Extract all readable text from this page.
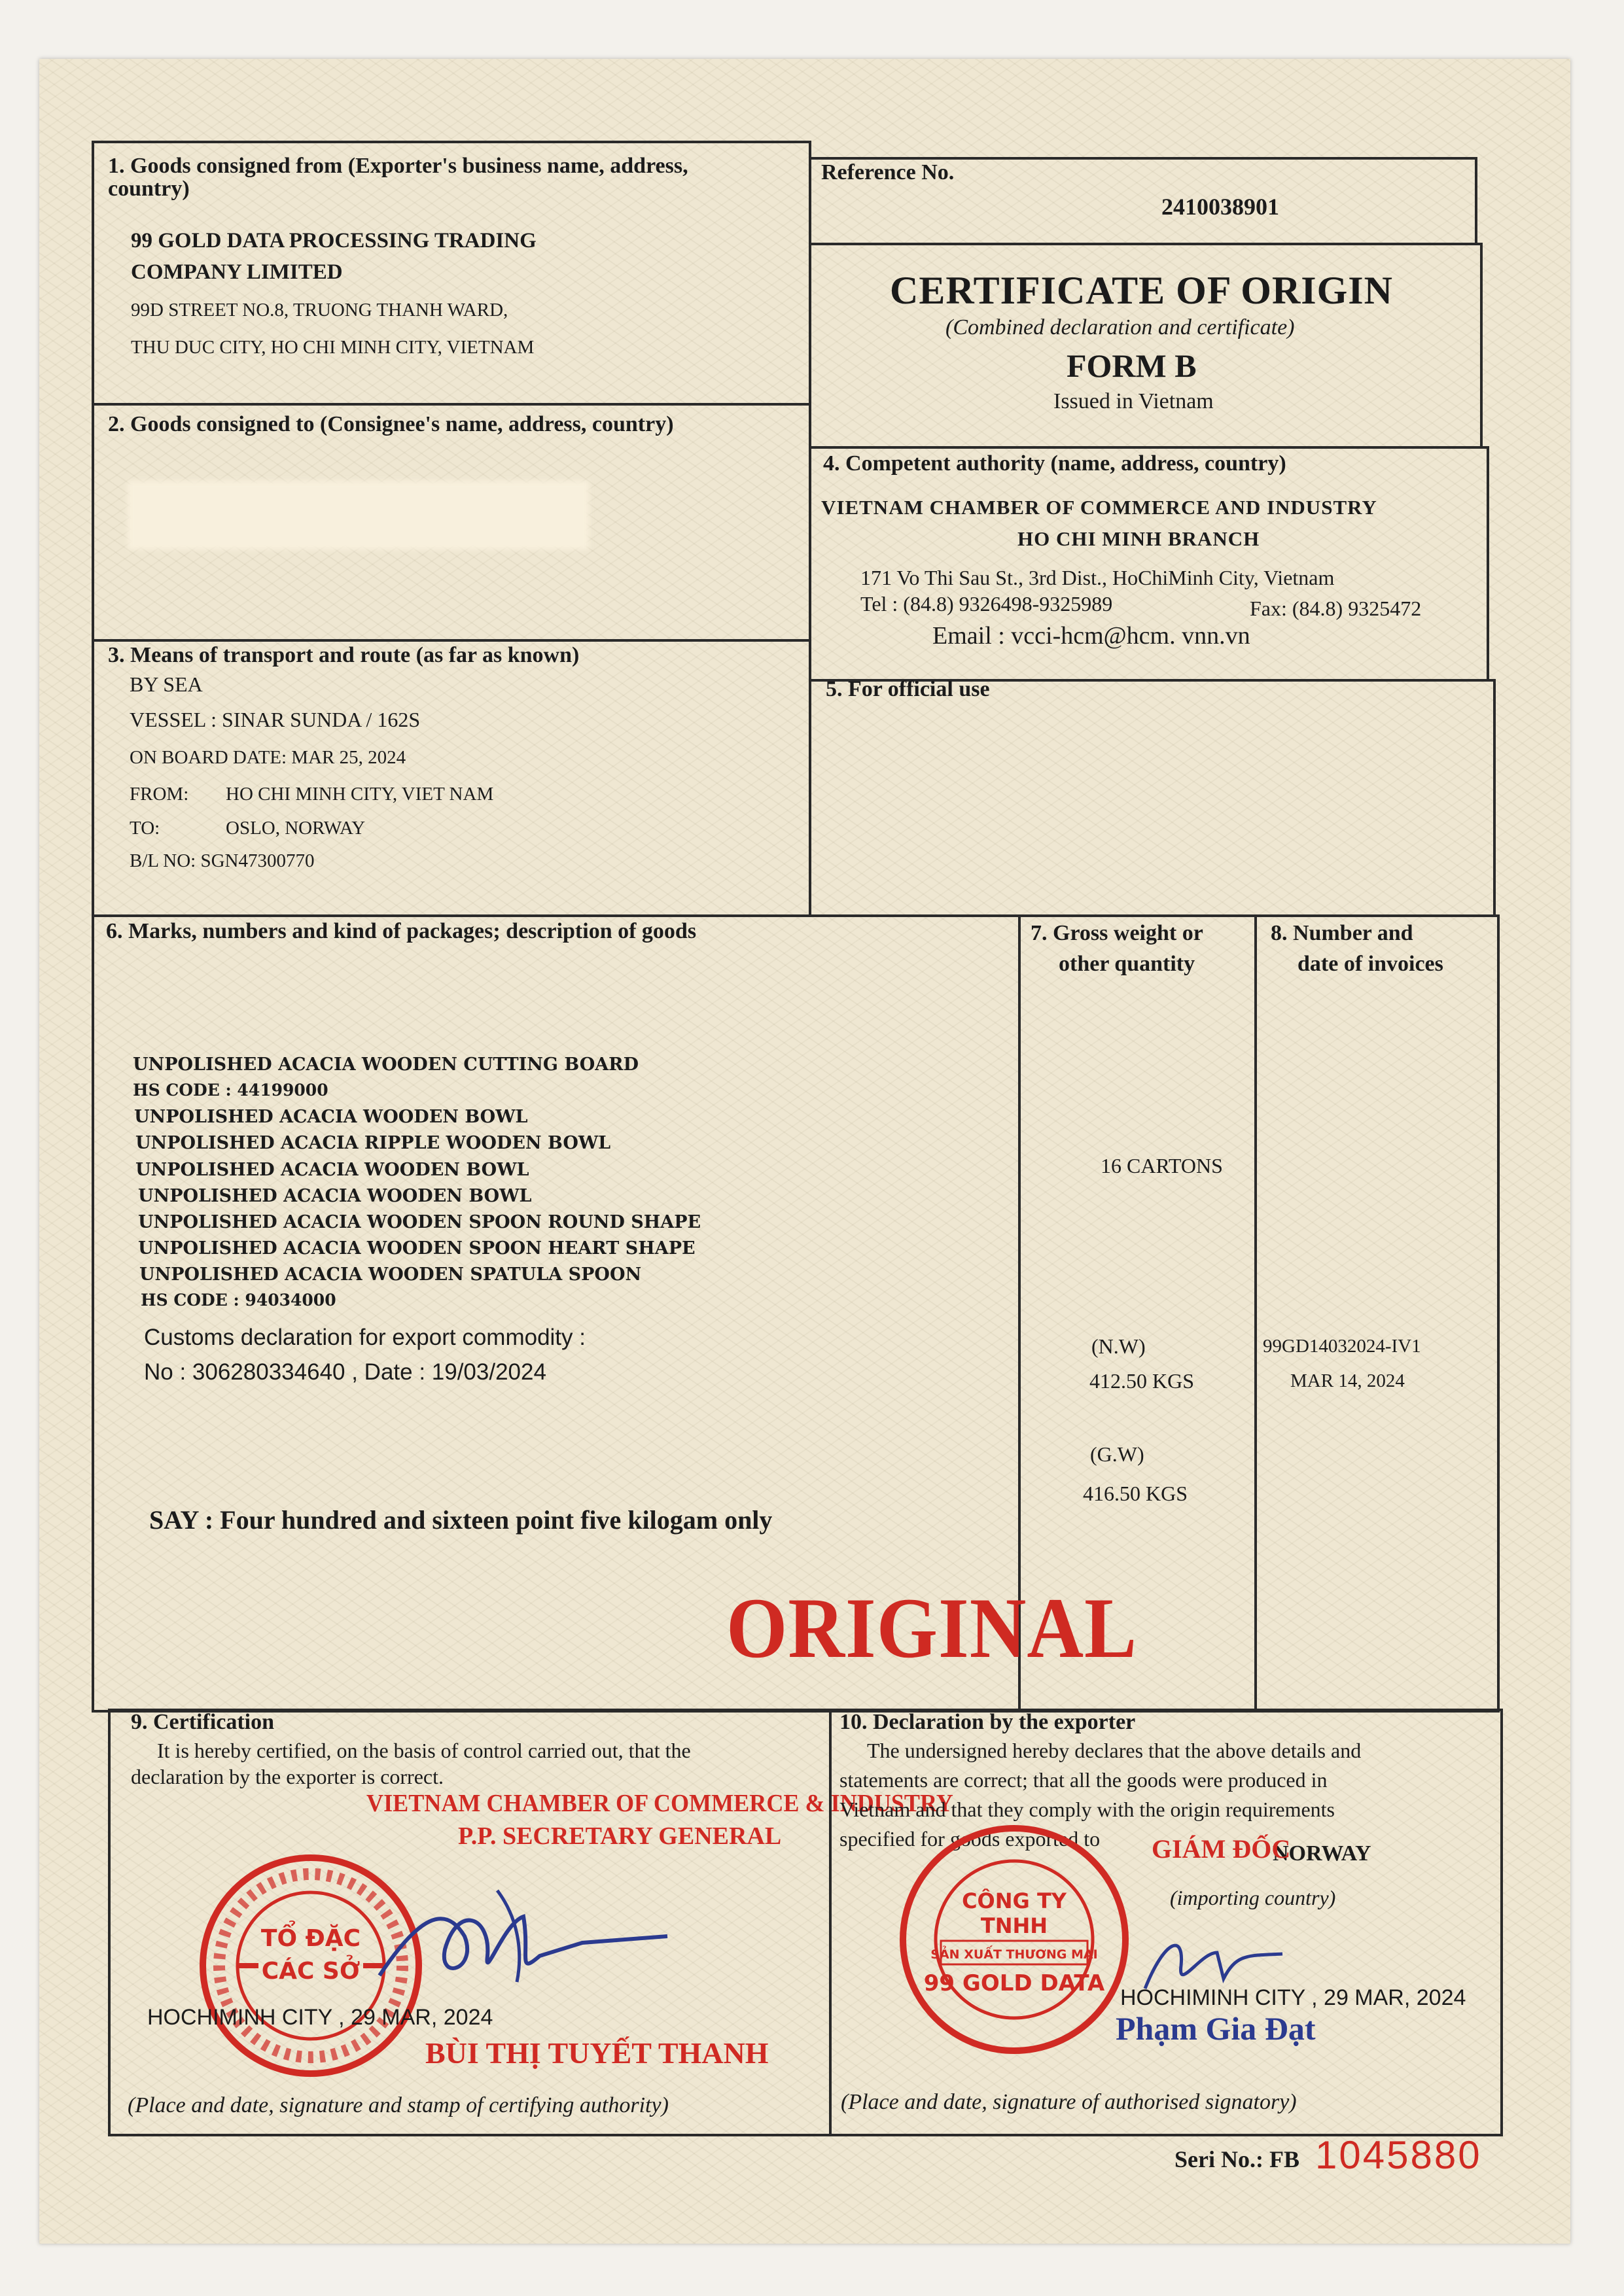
1. Goods consigned from (Exporter's business name, address,
country)
99 GOLD DATA PROCESSING TRADING
COMPANY LIMITED
99D STREET NO.8, TRUONG THANH WARD,
THU DUC CITY, HO CHI MINH CITY, VIETNAM
Reference No.
2410038901
CERTIFICATE OF ORIGIN
(Combined declaration and certificate)
FORM B
Issued in Vietnam
2. Goods consigned to (Consignee's name, address, country)
4. Competent authority (name, address, country)
VIETNAM CHAMBER OF COMMERCE AND INDUSTRY
HO CHI MINH BRANCH
171 Vo Thi Sau St., 3rd Dist., HoChiMinh City, Vietnam
Tel : (84.8) 9326498-9325989	Fax: (84.8) 9325472
Email : vcci-hcm@hcm. vnn.vn
3. Means of transport and route (as far as known)
BY SEA
VESSEL : SINAR SUNDA / 162S
ON BOARD DATE: MAR 25, 2024
FROM: HO CHI MINH CITY, VIET NAM
TO:	OSLO, NORWAY
B/L NO: SGN47300770
5. For official use
6. Marks, numbers and kind of packages; description of goods	7. Gross weight or
other quantity
8. Number and
date of invoices
UNPOLISHED ACACIA WOODEN CUTTING BOARD
HS CODE : 44199000
UNPOLISHED ACACIA WOODEN BOWL
UNPOLISHED ACACIA RIPPLE WOODEN BOWL
UNPOLISHED ACACIA WOODEN BOWL
UNPOLISHED ACACIA WOODEN BOWL
UNPOLISHED ACACIA WOODEN SPOON ROUND SHAPE
UNPOLISHED ACACIA WOODEN SPOON HEART SHAPE
UNPOLISHED ACACIA WOODEN SPATULA SPOON
HS CODE : 94034000
Customs declaration for export commodity :
No : 306280334640 , Date : 19/03/2024
SAY : Four hundred and sixteen point five kilogam only
ORIGINAL
16 CARTONS
(N.W)
412.50 KGS
(G.W)
416.50 KGS
99GD14032024-IV1
MAR 14, 2024
9. Certification
It is hereby certified, on the basis of control carried out, that the
declaration by the exporter is correct.
VIETNAM CHAMBER OF COMMERCE & INDUSTRY
P.P. SECRETARY GENERAL
TỔ ĐẶC
CÁC SỞ
HOCHIMINH CITY , 29 MAR, 2024
BÙI THỊ TUYẾT THANH
(Place and date, signature and stamp of certifying authority)
10. Declaration by the exporter
The undersigned hereby declares that the above details and
statements are correct; that all the goods were produced in
Vietnam and that they comply with the origin requirements
specified for goods exported to
NORWAY
(importing country)
GIÁM ĐỐC
CÔNG TY
TNHH
SẢN XUẤT THƯƠNG MẠI
99 GOLD DATA
HOCHIMINH CITY , 29 MAR, 2024
Phạm Gia Đạt
(Place and date, signature of authorised signatory)
Seri No.: FB 1045880
